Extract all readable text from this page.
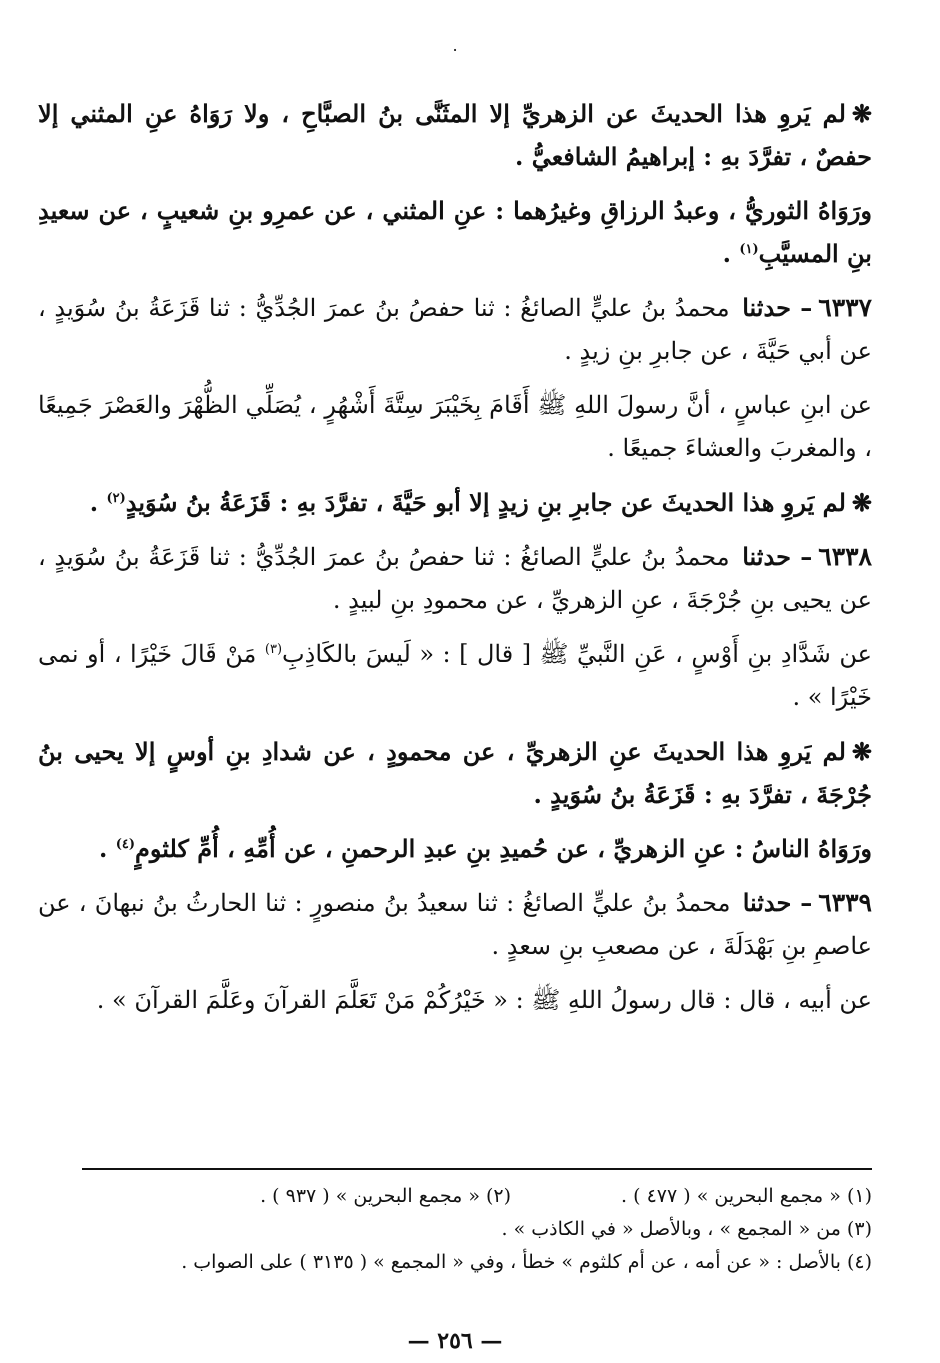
.

❋لم يَروِ هذا الحديثَ عن الزهريِّ إلا المثَنَّى بنُ الصبَّاحِ ، ولا رَوَاهُ عنِ المثني إلا حفصٌ ، تفرَّدَ بهِ : إبراهيمُ الشافعيُّ .

ورَوَاهُ الثوريُّ ، وعبدُ الرزاقِ وغيرُهما : عنِ المثني ، عن عمرِو بنِ شعيبٍ ، عن سعيدِ بنِ المسيَّبِ$^{(١)}$ .

٦٣٣٧– حدثنا محمدُ بنُ عليٍّ الصائغُ : ثنا حفصُ بنُ عمرَ الجُدِّيُّ : ثنا قَزَعَةُ بنُ سُوَيدٍ ، عن أبي حَيَّةَ ، عن جابرِ بنِ زيدٍ .

عن ابنِ عباسٍ ، أنَّ رسولَ اللهِ ﷺ أَقَامَ بِخَيْبَرَ سِتَّةَ أَشْهُرٍ ، يُصَلِّي الظُّهْرَ والعَصْرَ جَمِيعًا ، والمغربَ والعشاءَ جميعًا .

❋لم يَروِ هذا الحديثَ عن جابرِ بنِ زيدٍ إلا أبو حَيَّةَ ، تفرَّدَ بهِ : قَزَعَةُ بنُ سُوَيدٍ$^{(٢)}$ .

٦٣٣٨– حدثنا محمدُ بنُ عليٍّ الصائغُ : ثنا حفصُ بنُ عمرَ الجُدِّيُّ : ثنا قَزَعَةُ بنُ سُوَيدٍ ، عن يحيى بنِ جُرْجَةَ ، عنِ الزهريِّ ، عن محمودِ بنِ لبيدٍ .

عن شَدَّادِ بنِ أَوْسٍ ، عَنِ النَّبيِّ ﷺ [ قال ] : « لَيسَ بالكَاذِبِ$^{(٣)}$ مَنْ قَالَ خَيْرًا ، أو نمى خَيْرًا » .

❋لم يَروِ هذا الحديثَ عنِ الزهريِّ ، عن محمودٍ ، عن شدادِ بنِ أوسٍ إلا يحيى بنُ جُرْجَةَ ، تفرَّدَ بهِ : قَزَعَةُ بنُ سُوَيدٍ .

ورَوَاهُ الناسُ : عنِ الزهريِّ ، عن حُميدِ بنِ عبدِ الرحمنِ ، عن أُمِّهِ ، أُمِّ كلثومٍ$^{(٤)}$ .

٦٣٣٩– حدثنا محمدُ بنُ عليٍّ الصائغُ : ثنا سعيدُ بنُ منصورٍ : ثنا الحارثُ بنُ نبهانَ ، عن عاصمِ بنِ بَهْدَلَةَ ، عن مصعبِ بنِ سعدٍ .

عن أبيه ، قال : قال رسولُ اللهِ ﷺ : « خَيْرُكُمْ مَنْ تَعَلَّمَ القرآنَ وعَلَّمَ القرآنَ » .

(١) « مجمع البحرين » ( ٤٧٧ ) .
(٢) « مجمع البحرين » ( ٩٣٧ ) .
(٣) من « المجمع » ، وبالأصل « في الكاذب » .
(٤) بالأصل : « عن أمه ، عن أم كلثوم » خطأ ، وفي « المجمع » ( ٣١٣٥ ) على الصواب .
— ٢٥٦ —
